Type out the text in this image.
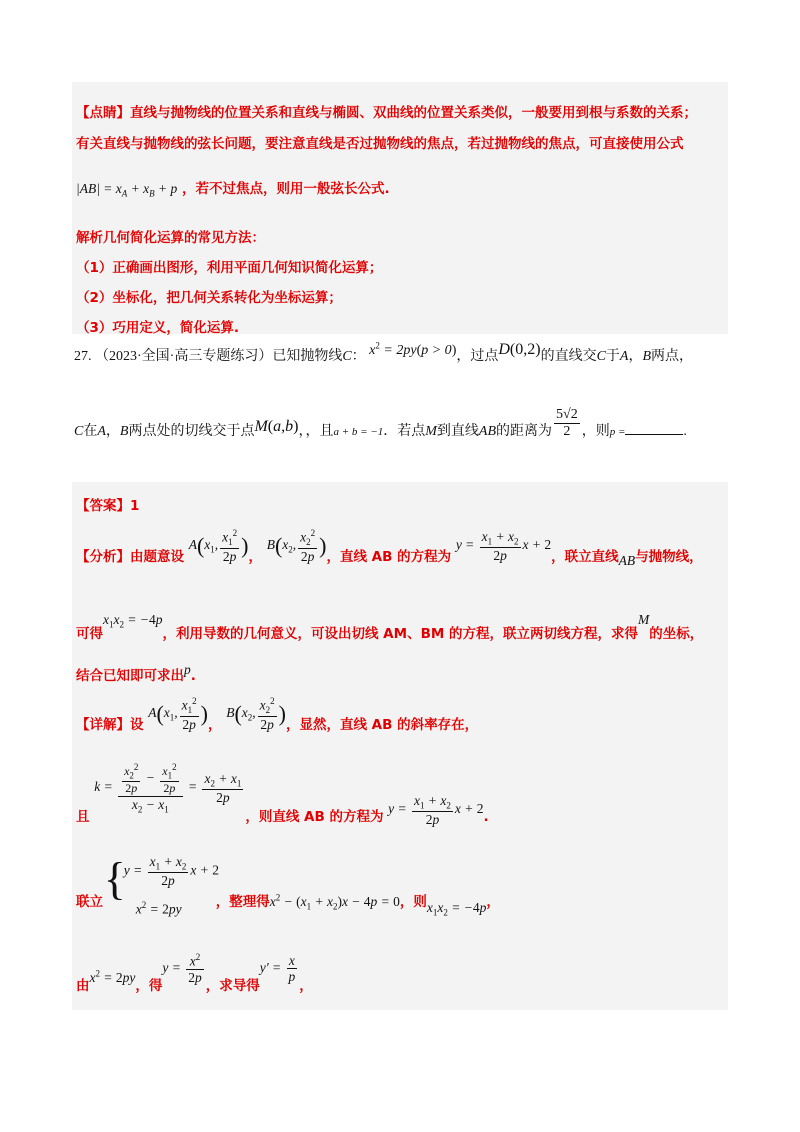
【点睛】直线与抛物线的位置关系和直线与椭圆、双曲线的位置关系类似，一般要用到根与系数的关系；
有关直线与抛物线的弦长问题，要注意直线是否过抛物线的焦点，若过抛物线的焦点，可直接使用公式
$|AB| = x_A + x_B + p$ ，若不过焦点，则用一般弦长公式.
解析几何简化运算的常见方法：
（1）正确画出图形，利用平面几何知识简化运算；
（2）坐标化，把几何关系转化为坐标运算；
（3）巧用定义，简化运算.
27. （2023·全国·高三专题练习）已知抛物线C： $x^2 = 2py(p > 0)$，过点D(0,2)的直线交C于A，B两点，
C在A，B两点处的切线交于点M(a,b)，，且a + b = −1．若点M到直线AB的距离为 $\frac{5√2}{2}$ ，则p =	.
【答案】1
【分析】由题意设 $A(x_1$, $\frac{x_1^2}{2p}$ )， $B(x_2$, $\frac{x_2^2}{2p}$ )，直线 AB 的方程为 $y = \frac{x_1 + x_2}{2p}$ x + 2，联立直线AB与抛物线，
可得$x_1x_2 = -4p$，利用导数的几何意义，可设出切线 AM、BM 的方程，联立两切线方程，求得M的坐标，
结合已知即可求出p.
【详解】设 $A(x_1$, $\frac{x_1^2}{2p}$ )， $B(x_2$, $\frac{x_2^2}{2p}$ )，显然，直线 AB 的斜率存在，
且 $k = \frac{\frac{x_2^2}{2p} - \frac{x_1^2}{2p}}{x_2 - x_1} = \frac{x_2 + x_1}{2p}$
，则直线 AB 的方程为 $y = \frac{x_1 + x_2}{2p}$ x + 2.
联立 {
$y = \frac{x_1 + x_2}{2p}$ x + 2
$x^2 = 2py$	，整理得$x^2 - (x_1 + x_2)x - 4p = 0$，则$x_1x_2 = -4p$，
由$x^2 = 2py$，得$y = \frac{x^2}{2p}$
，求导得$y' = \frac{x}{p}$
，
